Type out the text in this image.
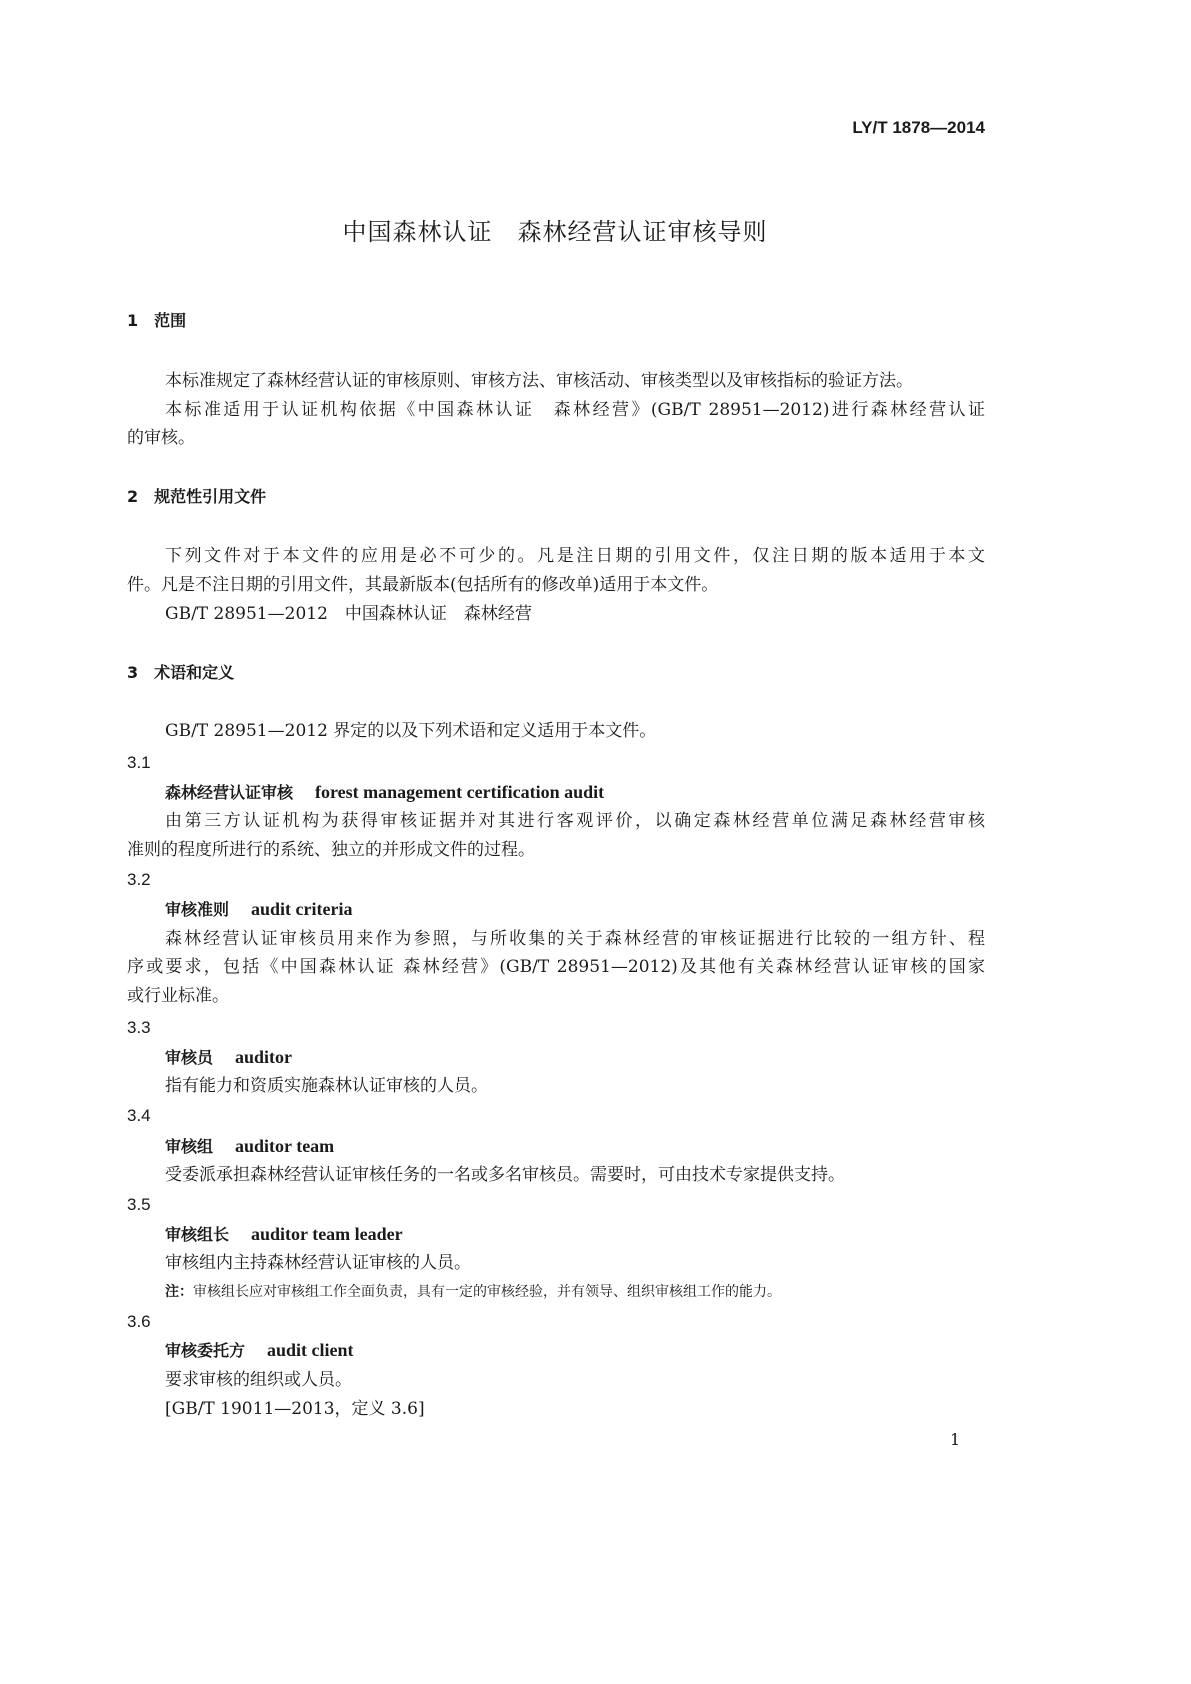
LY/T 1878—2014
中国森林认证　森林经营认证审核导则
1　范围
本标准规定了森林经营认证的审核原则、审核方法、审核活动、审核类型以及审核指标的验证方法。
本标准适用于认证机构依据《中国森林认证　森林经营》(GB/T 28951—2012)进行森林经营认证
的审核。
2　规范性引用文件
下列文件对于本文件的应用是必不可少的。凡是注日期的引用文件，仅注日期的版本适用于本文
件。凡是不注日期的引用文件，其最新版本(包括所有的修改单)适用于本文件。
GB/T 28951—2012　中国森林认证　森林经营
3　术语和定义
GB/T 28951—2012 界定的以及下列术语和定义适用于本文件。
3.1
森林经营认证审核 forest management certification audit
由第三方认证机构为获得审核证据并对其进行客观评价，以确定森林经营单位满足森林经营审核
准则的程度所进行的系统、独立的并形成文件的过程。
3.2
审核准则 audit criteria
森林经营认证审核员用来作为参照，与所收集的关于森林经营的审核证据进行比较的一组方针、程
序或要求，包括《中国森林认证 森林经营》(GB/T 28951—2012)及其他有关森林经营认证审核的国家
或行业标准。
3.3
审核员 auditor
指有能力和资质实施森林认证审核的人员。
3.4
审核组 auditor team
受委派承担森林经营认证审核任务的一名或多名审核员。需要时，可由技术专家提供支持。
3.5
审核组长 auditor team leader
审核组内主持森林经营认证审核的人员。
注：审核组长应对审核组工作全面负责，具有一定的审核经验，并有领导、组织审核组工作的能力。
3.6
审核委托方 audit client
要求审核的组织或人员。
[GB/T 19011—2013，定义 3.6]
1
